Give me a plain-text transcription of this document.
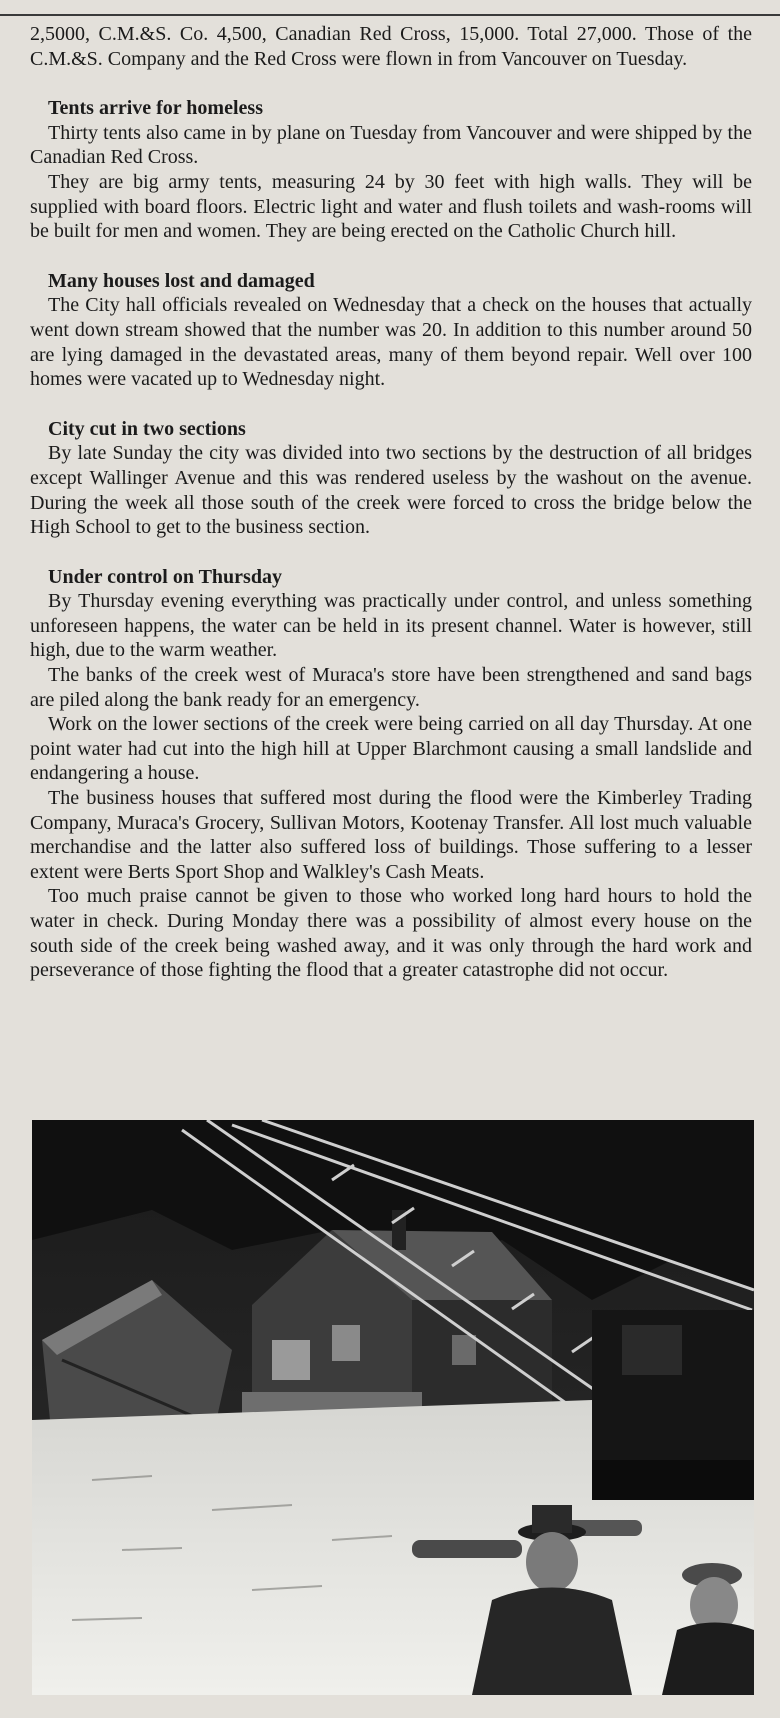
2,5000, C.M.&S. Co. 4,500, Canadian Red Cross, 15,000. Total 27,000. Those of the C.M.&S. Company and the Red Cross were flown in from Vancouver on Tuesday.

Tents arrive for homeless

Thirty tents also came in by plane on Tuesday from Vancouver and were shipped by the Canadian Red Cross.

They are big army tents, measuring 24 by 30 feet with high walls. They will be supplied with board floors. Electric light and water and flush toilets and wash-rooms will be built for men and women. They are being erected on the Catholic Church hill.

Many houses lost and damaged

The City hall officials revealed on Wednesday that a check on the houses that actually went down stream showed that the number was 20. In addition to this number around 50 are lying damaged in the devastated areas, many of them beyond repair. Well over 100 homes were vacated up to Wednesday night.

City cut in two sections

By late Sunday the city was divided into two sections by the destruction of all bridges except Wallinger Avenue and this was rendered useless by the washout on the avenue. During the week all those south of the creek were forced to cross the bridge below the High School to get to the business section.

Under control on Thursday

By Thursday evening everything was practically under control, and unless something unforeseen happens, the water can be held in its present channel. Water is however, still high, due to the warm weather.

The banks of the creek west of Muraca's store have been strengthened and sand bags are piled along the bank ready for an emergency.

Work on the lower sections of the creek were being carried on all day Thursday. At one point water had cut into the high hill at Upper Blarchmont causing a small landslide and endangering a house.

The business houses that suffered most during the flood were the Kimberley Trading Company, Muraca's Grocery, Sullivan Motors, Kootenay Transfer. All lost much valuable merchandise and the latter also suffered loss of buildings. Those suffering to a lesser extent were Berts Sport Shop and Walkley's Cash Meats.

Too much praise cannot be given to those who worked long hard hours to hold the water in check. During Monday there was a possibility of almost every house on the south side of the creek being washed away, and it was only through the hard work and perseverance of those fighting the flood that a greater catastrophe did not occur.
